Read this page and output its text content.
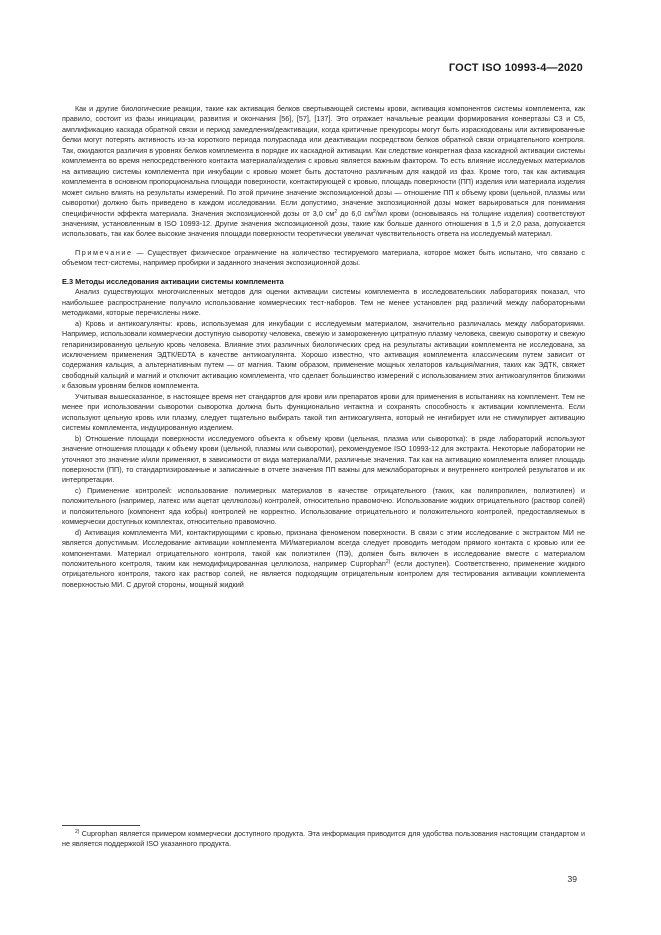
ГОСТ ISO 10993-4—2020

Как и другие биологические реакции, такие как активация белков свертывающей системы крови, активация компонентов системы комплемента, как правило, состоит из фазы инициации, развития и окончания [56], [57], [137]. Это отражает начальные реакции формирования конвертазы С3 и С5, амплификацию каскада обратной связи и период замедления/деактивации, когда критичные прекурсоры могут быть израсходованы или активированные белки могут потерять активность из-за короткого периода полураспада или деактивации посредством белков обратной связи отрицательного контроля. Так, ожидаются различия в уровнях белков комплемента в порядке их каскадной активации. Как следствие конкретная фаза каскадной активации системы комплемента во время непосредственного контакта материала/изделия с кровью является важным фактором. То есть влияние исследуемых материалов на активацию системы комплемента при инкубации с кровью может быть достаточно различным для каждой из фаз. Кроме того, так как активация комплемента в основном пропорциональна площади поверхности, контактирующей с кровью, площадь поверхности (ПП) изделия или материала изделия может сильно влиять на результаты измерений. По этой причине значение экспозиционной дозы — отношение ПП к объему крови (цельной, плазмы или сыворотки) должно быть приведено в каждом исследовании. Если допустимо, значение экспозиционной дозы может варьироваться для понимания специфичности эффекта материала. Значения экспозиционной дозы от 3,0 $см^2$ до 6,0 $см^2/мл$ крови (основываясь на толщине изделия) соответствуют значениям, установленным в ISO 10993-12. Другие значения экспозиционной дозы, такие как больше данного отношения в 1,5 и 2,0 раза, допускается использовать, так как более высокие значения площади поверхности теоретически увеличат чувствительность ответа на исследуемый материал.

Примечание — Существует физическое ограничение на количество тестируемого материала, которое может быть испытано, что связано с объемом тест-системы, например пробирки и заданного значения экспозиционной дозы.

Е.3 Методы исследования активации системы комплемента

Анализ существующих многочисленных методов для оценки активации системы комплемента в исследовательских лабораториях показал, что наибольшее распространение получило использование коммерческих тест-наборов. Тем не менее установлен ряд различий между лабораторными методиками, которые перечислены ниже.

a) Кровь и антикоагулянты: кровь, используемая для инкубации с исследуемым материалом, значительно различалась между лабораториями. Например, использовали коммерчески доступную сыворотку человека, свежую и замороженную цитратную плазму человека, свежую сыворотку и свежую гепаринизированную цельную кровь человека. Влияние этих различных биологических сред на результаты активации комплемента не исследована, за исключением применения ЭДТК/EDTA в качестве антикоагулянта. Хорошо известно, что активация комплемента классическим путем зависит от содержания кальция, а альтернативным путем — от магния. Таким образом, применение мощных хелаторов кальция/магния, таких как ЭДТК, свяжет свободный кальций и магний и отключит активацию комплемента, что сделает большинство измерений с использованием этих антикоагулянтов близкими к базовым уровням белков комплемента.

Учитывая вышесказанное, в настоящее время нет стандартов для крови или препаратов крови для применения в испытаниях на комплемент. Тем не менее при использовании сыворотки сыворотка должна быть функционально интактна и сохранять способность к активации комплемента. Если используют цельную кровь или плазму, следует тщательно выбирать такой тип антикоагулянта, который не ингибирует или не стимулирует активацию системы комплемента, индуцированную изделием.

b) Отношение площади поверхности исследуемого объекта к объему крови (цельная, плазма или сыворотка): в ряде лабораторий используют значение отношения площади к объему крови (цельной, плазмы или сыворотки), рекомендуемое ISO 10993-12 для экстракта. Некоторые лаборатории не уточняют это значение и/или применяют, в зависимости от вида материала/МИ, различные значения. Так как на активацию комплемента влияет площадь поверхности (ПП), то стандартизированные и записанные в отчете значения ПП важны для межлабораторных и внутреннего контролей результатов и их интерпретации.

c) Применение контролей: использование полимерных материалов в качестве отрицательного (таких, как полипропилен, полиэтилен) и положительного (например, латекс или ацетат целлюлозы) контролей, относительно правомочно. Использование жидких отрицательного (раствор солей) и положительного (компонент яда кобры) контролей не корректно. Использование отрицательного и положительного контролей, предоставляемых в коммерчески доступных комплектах, относительно правомочно.

d) Активация комплемента МИ, контактирующими с кровью, признана феноменом поверхности. В связи с этим исследование с экстрактом МИ не является допустимым. Исследование активации комплемента МИ/материалом всегда следует проводить методом прямого контакта с кровью или ее компонентами. Материал отрицательного контроля, такой как полиэтилен (ПЭ), должен быть включен в исследование вместе с материалом положительного контроля, таким как немодифицированная целлюлоза, например Cuprophan$^{2)}$ (если доступен). Соответственно, применение жидкого отрицательного контроля, такого как раствор солей, не является подходящим отрицательным контролем для тестирования активации комплемента поверхностью МИ. С другой стороны, мощный жидкий

$^{2)}$ Cuprophan является примером коммерчески доступного продукта. Эта информация приводится для удобства пользования настоящим стандартом и не является поддержкой ISO указанного продукта.

39
